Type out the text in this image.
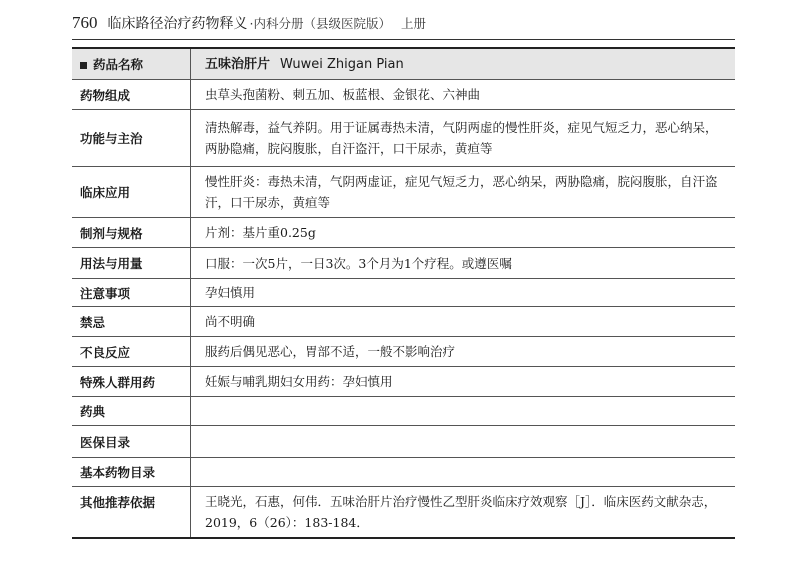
760 临床路径治疗药物释义 ·内科分册（县级医院版） 上册
药品名称	五味治肝片 Wuwei Zhigan Pian
药物组成	虫草头孢菌粉、刺五加、板蓝根、金银花、六神曲
功能与主治	清热解毒，益气养阴。用于证属毒热未清，气阴两虚的慢性肝炎，症见气短乏力，恶心纳呆，两胁隐痛，脘闷腹胀，自汗盗汗，口干尿赤，黄疸等
临床应用	慢性肝炎：毒热未清，气阴两虚证，症见气短乏力，恶心纳呆，两胁隐痛，脘闷腹胀，自汗盗汗，口干尿赤，黄疸等
制剂与规格	片剂：基片重0.25g
用法与用量	口服：一次5片，一日3次。3个月为1个疗程。或遵医嘱
注意事项	孕妇慎用
禁忌	尚不明确
不良反应	服药后偶见恶心，胃部不适，一般不影响治疗
特殊人群用药	妊娠与哺乳期妇女用药：孕妇慎用
药典	
医保目录	
基本药物目录	
其他推荐依据	王晓光，石惠，何伟．五味治肝片治疗慢性乙型肝炎临床疗效观察［J］．临床医药文献杂志，2019，6（26）：183-184．
